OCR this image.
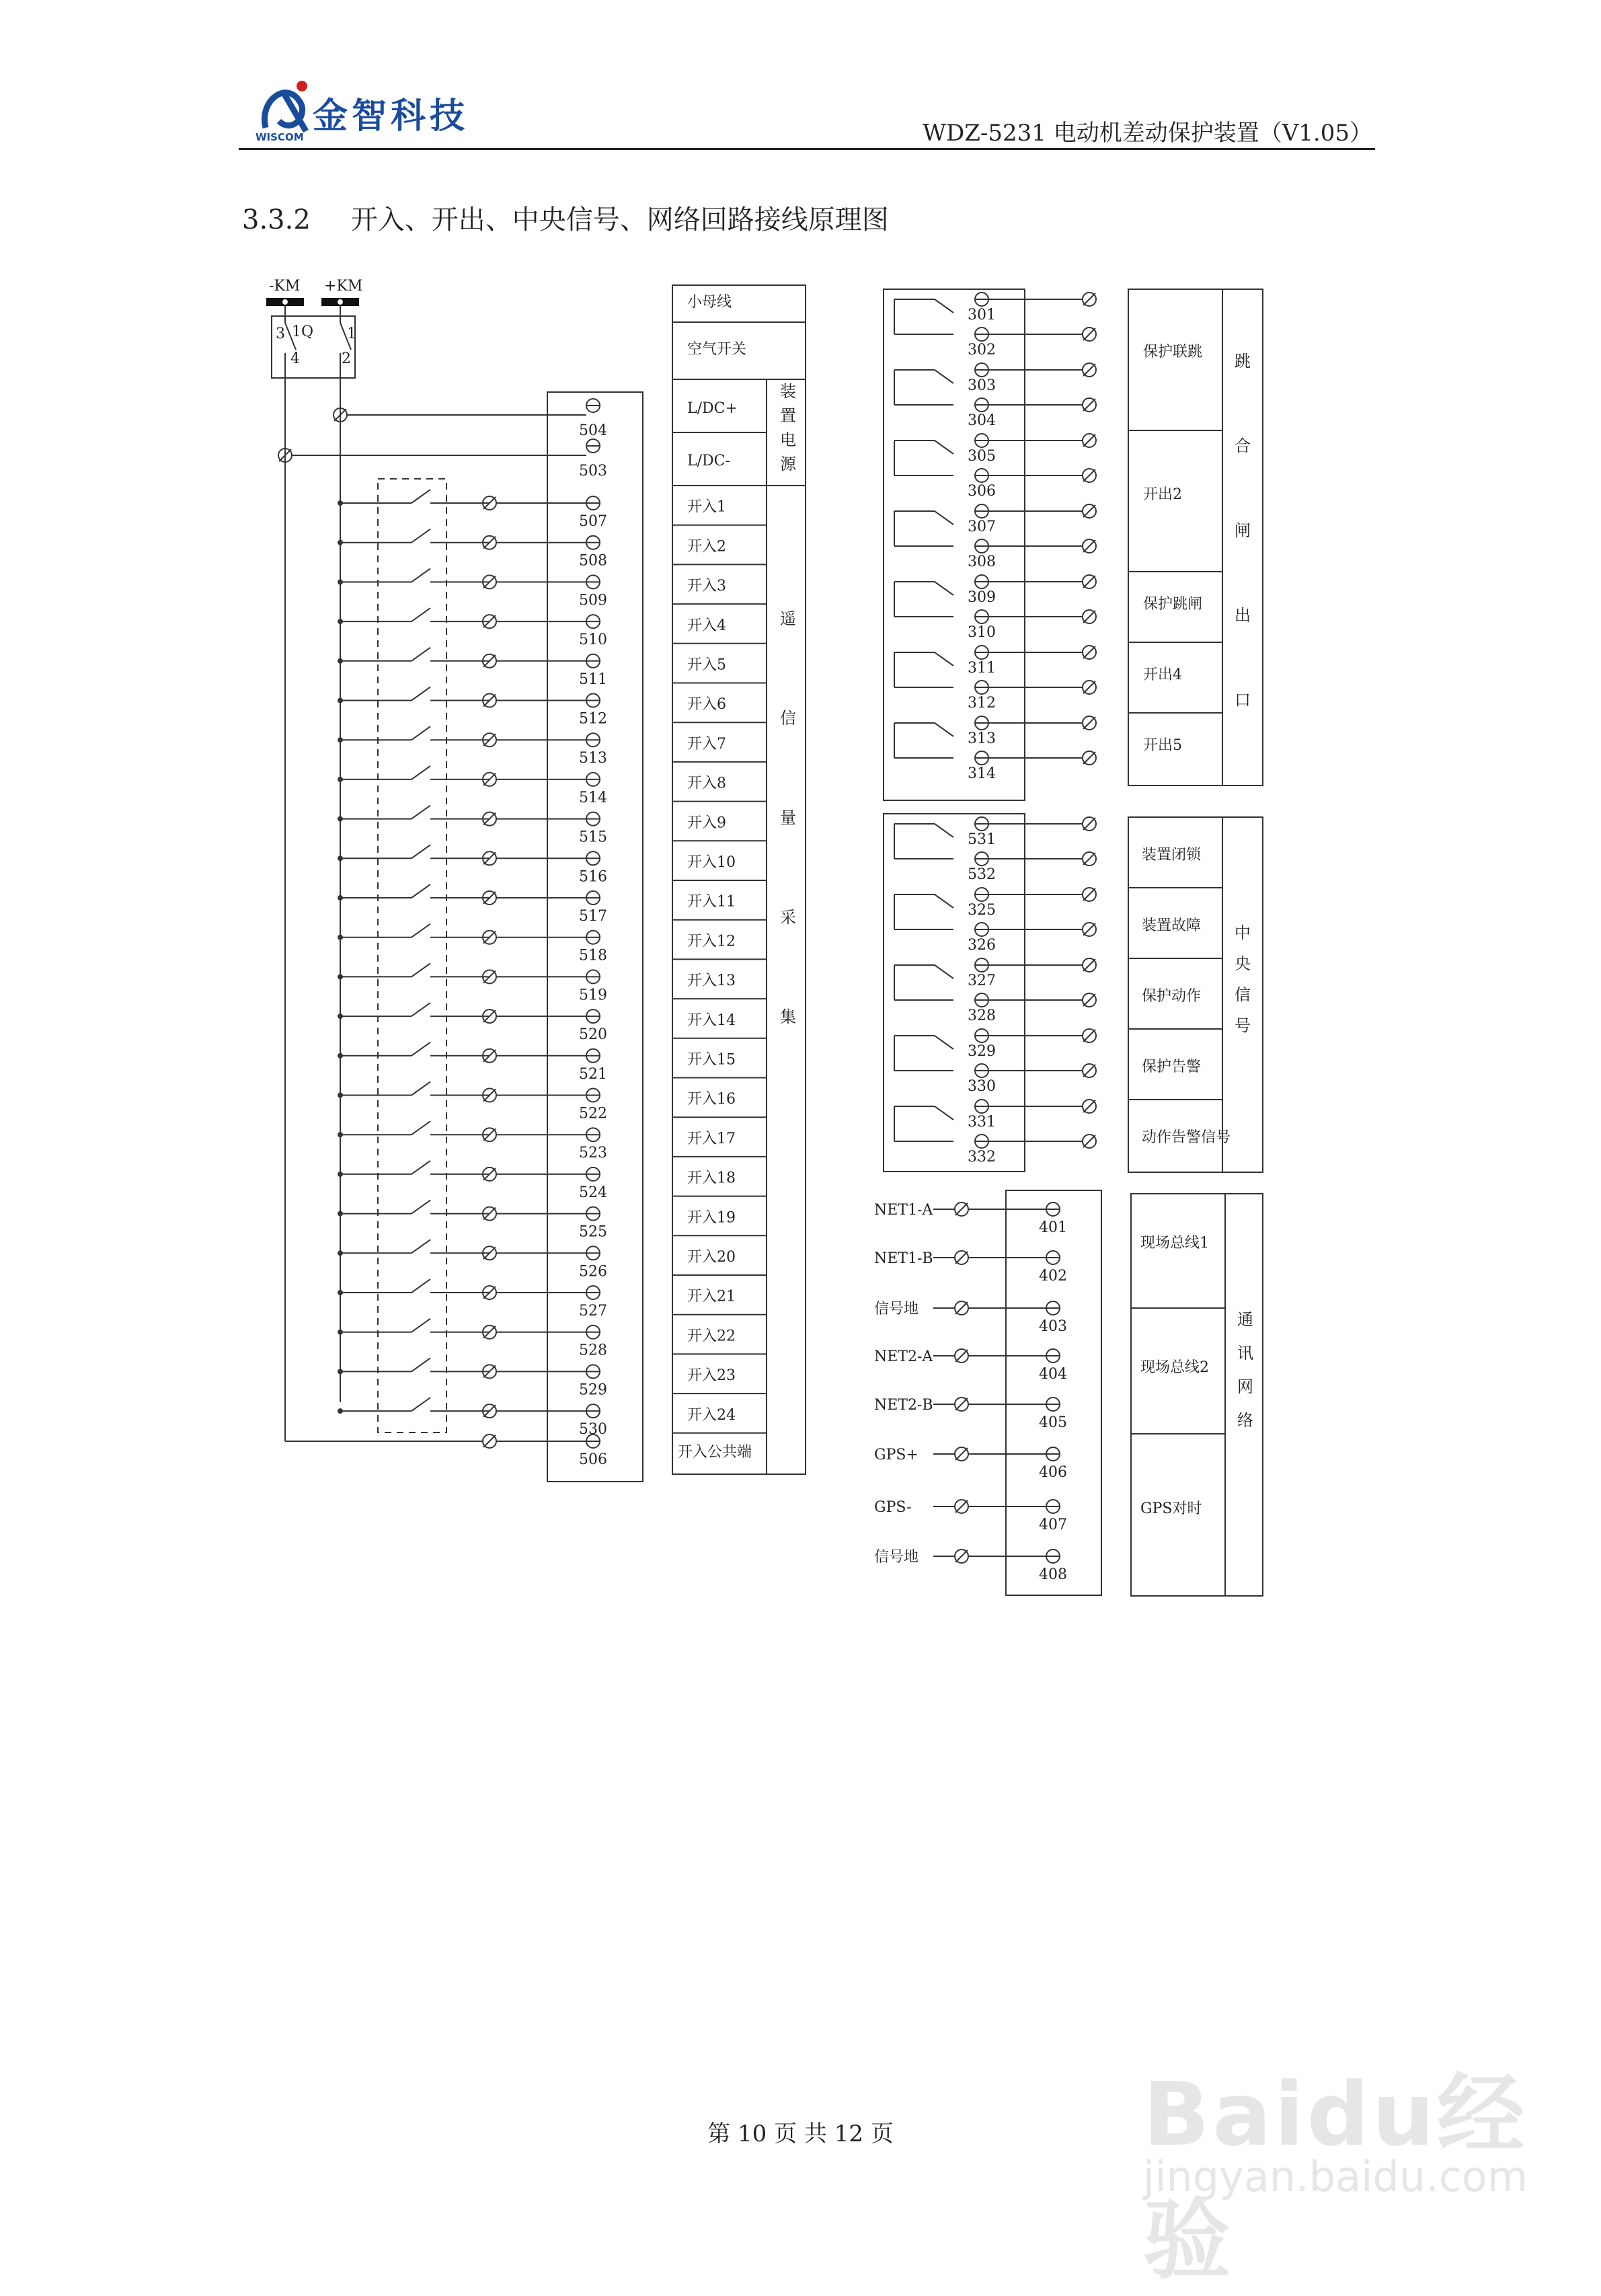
金智科技
WISCOM	WDZ-5231 电动机差动保护装置（V1.05）
3.3.2 开入、开出、中央信号、网络回路接线原理图
-KM +KM
1Q
3
4
1
2
504
503
507
508
509
510
511
512
513
514
515
516
517
518
519
520
521
522
523
524
525
526
527
528
529
530
506
小母线
空气开关
L/DC+
L/DC-
装
置
电
源
开入1
开入2
开入3
开入4
开入5
开入6
开入7
开入8
开入9
开入10
开入11
开入12
开入13
开入14
开入15
开入16
开入17
开入18
开入19
开入20
开入21
开入22
开入23
开入24
开入公共端
遥
信
量
采
集
301
302
303
304
305
306
307
308
309
310
311
312
313
314
保护联跳
开出2
保护跳闸
开出4
开出5
跳
合
闸
出
口
531
532
325
326
327
328
329
330
331
332
装置闭锁
装置故障
保护动作
保护告警
动作告警信号
中
央
信
号
401
NET1-A
402
NET1-B
403
信号地
404
NET2-A
405
NET2-B
406
GPS+
407
GPS-
408
信号地
现场总线1
现场总线2
GPS对时
通
讯
网
络
第 10 页 共 12 页	Baidu经验
jingyan.baidu.com
